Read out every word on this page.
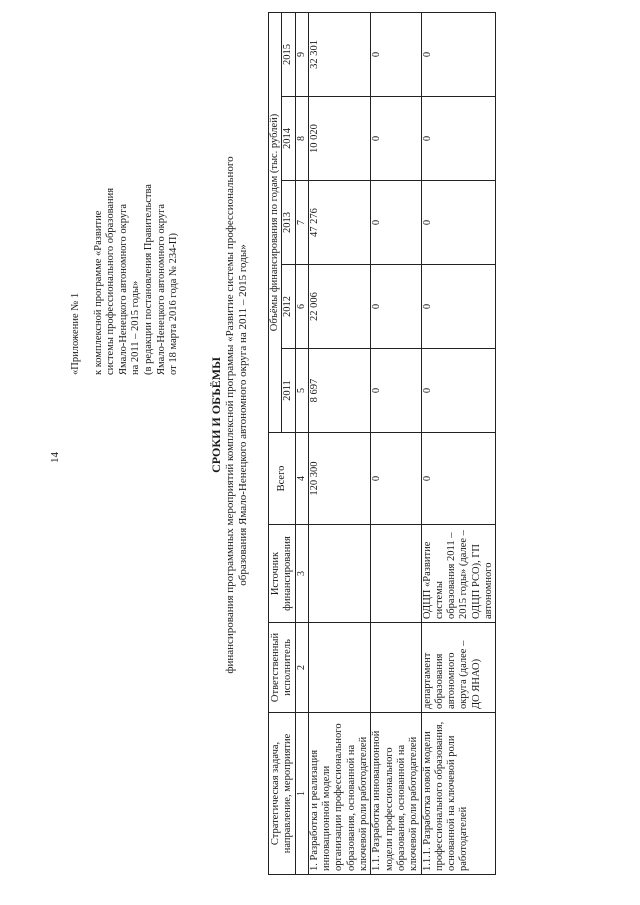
14
«Приложение № 1 к комплексной программе «Развитие системы профессионального образования Ямало-Ненецкого автономного округа на 2011 – 2015 годы» (в редакции постановления Правительства Ямало-Ненецкого автономного округа от 18 марта 2016 года № 234-П)
СРОКИ И ОБЪЁМЫ финансирования программных мероприятий комплексной программы «Развитие системы профессионального образования Ямало-Ненецкого автономного округа на 2011 – 2015 годы»
Стратегическая задача, направление, мероприятие	Ответственный исполнитель	Источник финансирования	Всего	Объёмы финансирования по годам (тыс. рублей)				
				2011	2012	2013	2014	2015
1	2	3	4	5	6	7	8	9
1. Разработка и реализация инновационной модели организации профессионального образования, основанной на ключевой роли работодателей			120 300	8 697	22 006	47 276	10 020	32 301
1.1. Разработка инновационной модели профессионального образования, основанной на ключевой роли работодателей			0	0	0	0	0	0
1.1.1. Разработка новой модели профессионального образования, основанной на ключевой роли работодателей	департамент образования автономного округа (далее – ДО ЯНАО)	ОДЦП «Развитие системы образования 2011 – 2015 годы» (далее – ОДЦП РСО), ГП автономного	0	0	0	0	0	0
